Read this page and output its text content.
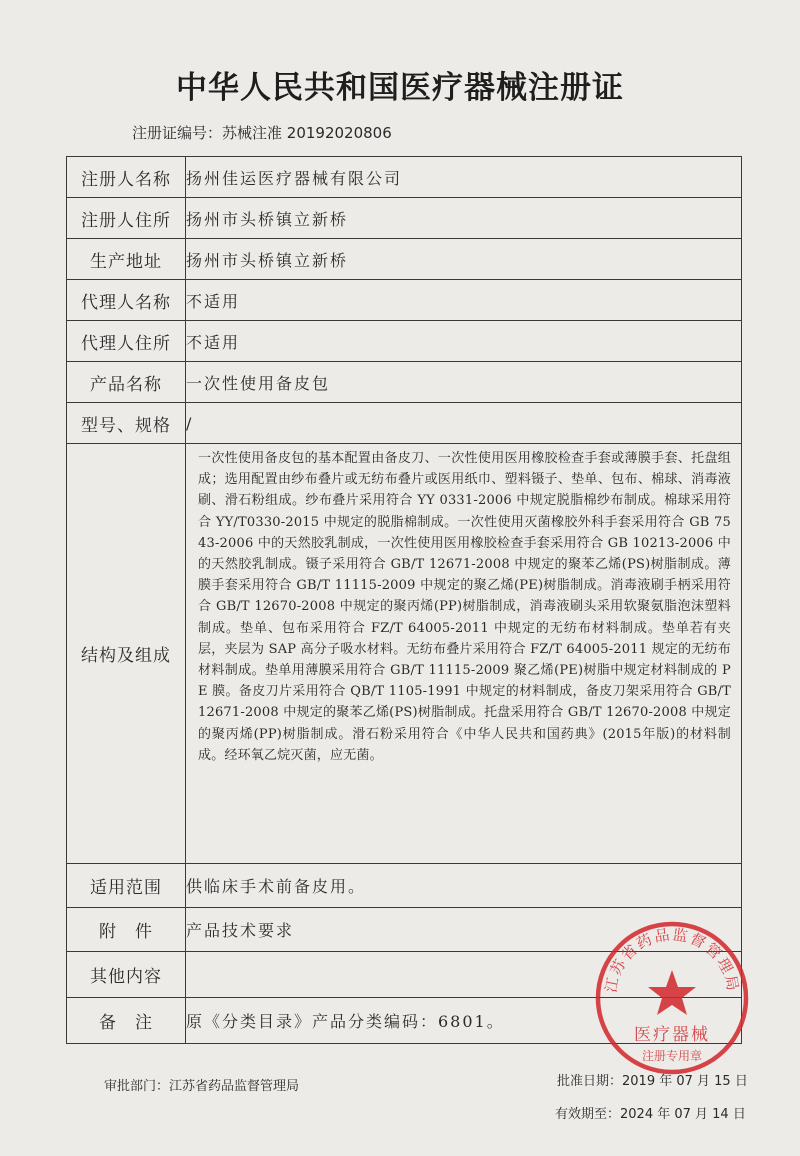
中华人民共和国医疗器械注册证
注册证编号：苏械注准 20192020806
注册人名称	扬州佳运医疗器械有限公司
注册人住所	扬州市头桥镇立新桥
生产地址	扬州市头桥镇立新桥
代理人名称	不适用
代理人住所	不适用
产品名称	一次性使用备皮包
型号、规格	/
结构及组成	一次性使用备皮包的基本配置由备皮刀、一次性使用医用橡胶检查手套或薄膜手套、托盘组成；选用配置由纱布叠片或无纺布叠片或医用纸巾、塑料镊子、垫单、包布、棉球、消毒液刷、滑石粉组成。纱布叠片采用符合 YY 0331-2006 中规定脱脂棉纱布制成。棉球采用符合 YY/T0330-2015 中规定的脱脂棉制成。一次性使用灭菌橡胶外科手套采用符合 GB 7543-2006 中的天然胶乳制成，一次性使用医用橡胶检查手套采用符合 GB 10213-2006 中的天然胶乳制成。镊子采用符合 GB/T 12671-2008 中规定的聚苯乙烯(PS)树脂制成。薄膜手套采用符合 GB/T 11115-2009 中规定的聚乙烯(PE)树脂制成。消毒液刷手柄采用符合 GB/T 12670-2008 中规定的聚丙烯(PP)树脂制成，消毒液刷头采用软聚氨脂泡沫塑料制成。垫单、包布采用符合 FZ/T 64005-2011 中规定的无纺布材料制成。垫单若有夹层，夹层为 SAP 高分子吸水材料。无纺布叠片采用符合 FZ/T 64005-2011 规定的无纺布材料制成。垫单用薄膜采用符合 GB/T 11115-2009 聚乙烯(PE)树脂中规定材料制成的 PE 膜。备皮刀片采用符合 QB/T 1105-1991 中规定的材料制成，备皮刀架采用符合 GB/T 12671-2008 中规定的聚苯乙烯(PS)树脂制成。托盘采用符合 GB/T 12670-2008 中规定的聚丙烯(PP)树脂制成。滑石粉采用符合《中华人民共和国药典》(2015年版)的材料制成。经环氧乙烷灭菌，应无菌。

适用范围	供临床手术前备皮用。
附　件	产品技术要求
其他内容	
备　注	原《分类目录》产品分类编码：6801。
审批部门：江苏省药品监督管理局	批准日期：2019 年 07 月 15 日
有效期至：2024 年 07 月 14 日
江苏省药品监督管理局
医疗器械
注册专用章
